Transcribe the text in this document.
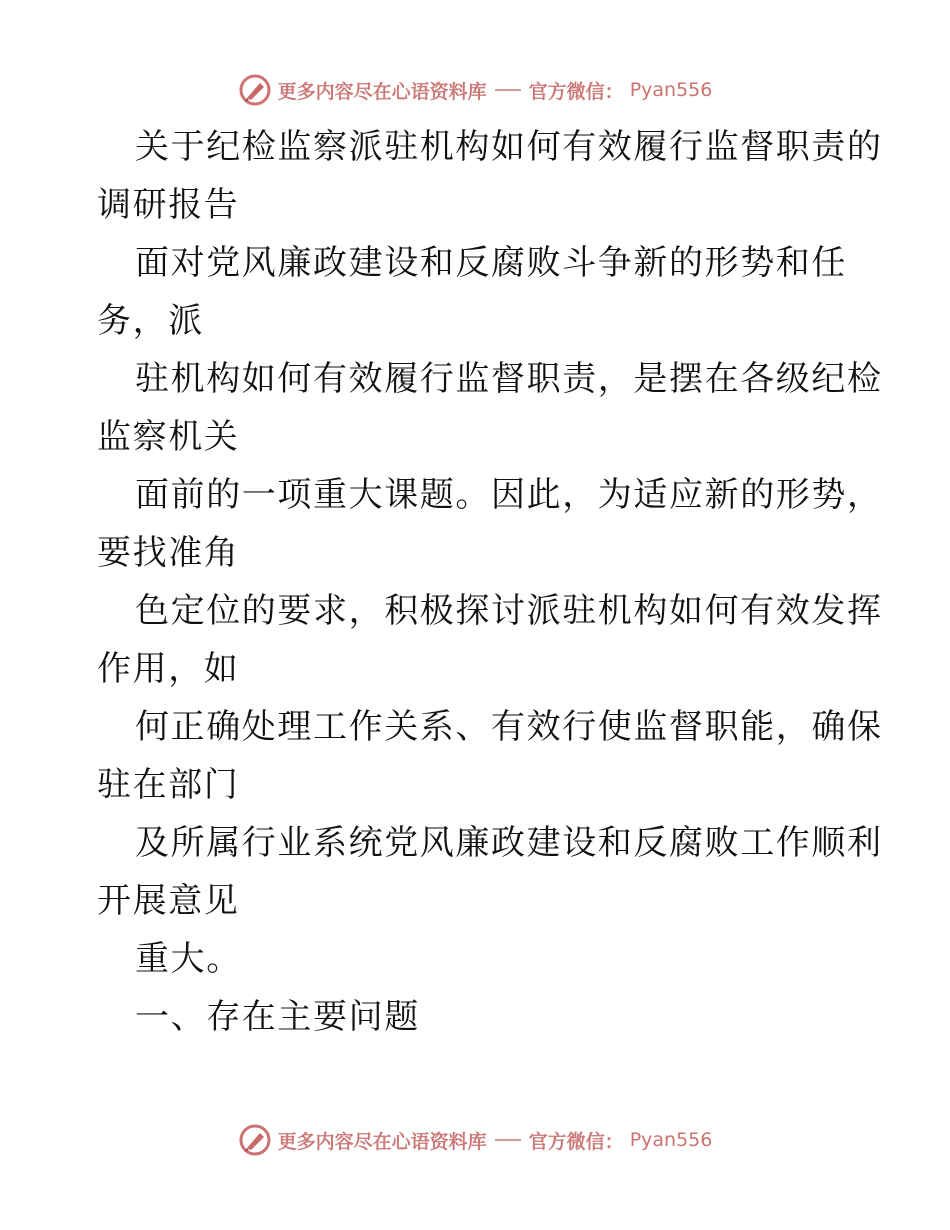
更多内容尽在心语资料库 官方微信： Pyan556
关于纪检监察派驻机构如何有效履行监督职责的
调研报告
面对党风廉政建设和反腐败斗争新的形势和任
务，派
驻机构如何有效履行监督职责，是摆在各级纪检
监察机关
面前的一项重大课题。因此，为适应新的形势，
要找准角
色定位的要求，积极探讨派驻机构如何有效发挥
作用，如
何正确处理工作关系、有效行使监督职能，确保
驻在部门
及所属行业系统党风廉政建设和反腐败工作顺利
开展意见
重大。
一、存在主要问题
更多内容尽在心语资料库 官方微信： Pyan556
